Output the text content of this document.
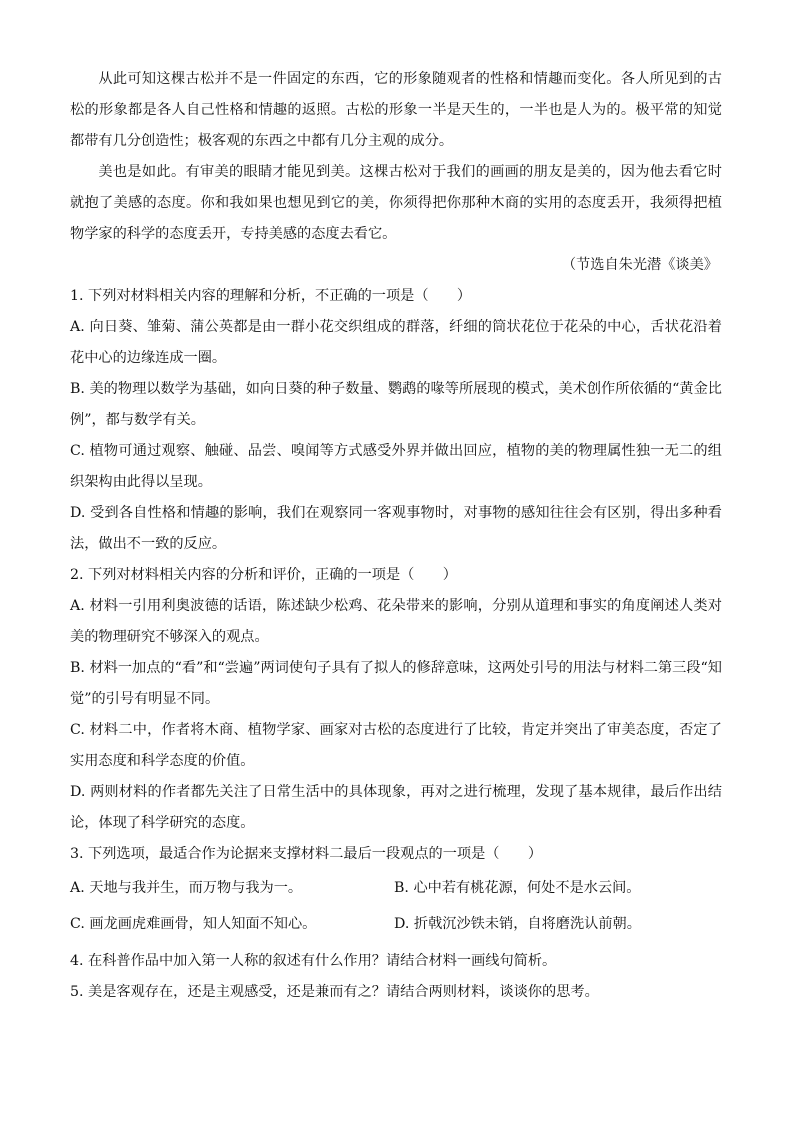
从此可知这棵古松并不是一件固定的东西，它的形象随观者的性格和情趣而变化。各人所见到的古松的形象都是各人自己性格和情趣的返照。古松的形象一半是天生的，一半也是人为的。极平常的知觉都带有几分创造性；极客观的东西之中都有几分主观的成分。

美也是如此。有审美的眼睛才能见到美。这棵古松对于我们的画画的朋友是美的，因为他去看它时就抱了美感的态度。你和我如果也想见到它的美，你须得把你那种木商的实用的态度丢开，我须得把植物学家的科学的态度丢开，专持美感的态度去看它。

（节选自朱光潜《谈美》

1. 下列对材料相关内容的理解和分析，不正确的一项是（　　）

A. 向日葵、雏菊、蒲公英都是由一群小花交织组成的群落，纤细的筒状花位于花朵的中心，舌状花沿着花中心的边缘连成一圈。

B. 美的物理以数学为基础，如向日葵的种子数量、鹦鹉的喙等所展现的模式，美术创作所依循的“黄金比例”，都与数学有关。

C. 植物可通过观察、触碰、品尝、嗅闻等方式感受外界并做出回应，植物的美的物理属性独一无二的组织架构由此得以呈现。

D. 受到各自性格和情趣的影响，我们在观察同一客观事物时，对事物的感知往往会有区别，得出多种看法，做出不一致的反应。

2. 下列对材料相关内容的分析和评价，正确的一项是（　　）

A. 材料一引用利奥波德的话语，陈述缺少松鸡、花朵带来的影响，分别从道理和事实的角度阐述人类对美的物理研究不够深入的观点。

B. 材料一加点的“看”和“尝遍”两词使句子具有了拟人的修辞意味，这两处引号的用法与材料二第三段“知觉”的引号有明显不同。

C. 材料二中，作者将木商、植物学家、画家对古松的态度进行了比较，肯定并突出了审美态度，否定了实用态度和科学态度的价值。

D. 两则材料的作者都先关注了日常生活中的具体现象，再对之进行梳理，发现了基本规律，最后作出结论，体现了科学研究的态度。

3. 下列选项，最适合作为论据来支撑材料二最后一段观点的一项是（　　）

A. 天地与我并生，而万物与我为一。	B. 心中若有桃花源，何处不是水云间。
C. 画龙画虎难画骨，知人知面不知心。	D. 折戟沉沙铁未销，自将磨洗认前朝。

4. 在科普作品中加入第一人称的叙述有什么作用？请结合材料一画线句简析。

5. 美是客观存在，还是主观感受，还是兼而有之？请结合两则材料，谈谈你的思考。
